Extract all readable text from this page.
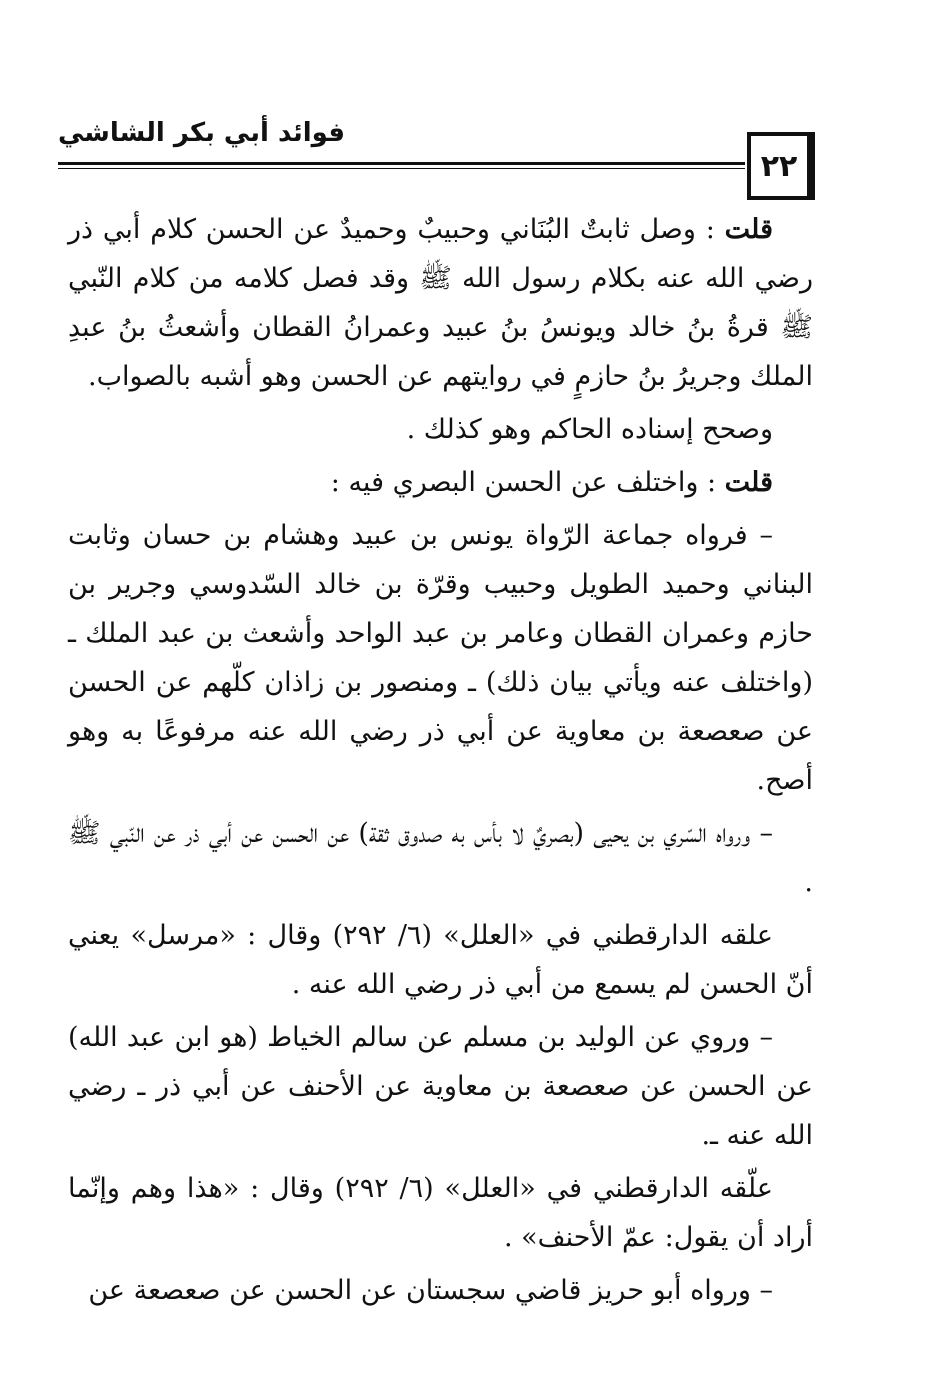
٢٢
فوائد أبي بكر الشاشي

قلت : وصل ثابتٌ البُنَاني وحبيبٌ وحميدٌ عن الحسن كلام أبي ذر رضي الله عنه بكلام رسول الله ﷺ وقد فصل كلامه من كلام النّبي ﷺ قرةُ بنُ خالد ويونسُ بنُ عبيد وعمرانُ القطان وأشعثُ بنُ عبدِ الملك وجريرُ بنُ حازمٍ في روايتهم عن الحسن وهو أشبه بالصواب.

وصحح إسناده الحاكم وهو كذلك .

قلت : واختلف عن الحسن البصري فيه :

– فرواه جماعة الرّواة يونس بن عبيد وهشام بن حسان وثابت البناني وحميد الطويل وحبيب وقرّة بن خالد السّدوسي وجرير بن حازم وعمران القطان وعامر بن عبد الواحد وأشعث بن عبد الملك ـ (واختلف عنه ويأتي بيان ذلك) ـ ومنصور بن زاذان كلّهم عن الحسن عن صعصعة بن معاوية عن أبي ذر رضي الله عنه مرفوعًا به وهو أصح.

– ورواه السّري بن يحيى (بصريٌ لا بأس به صدوق ثقة) عن الحسن عن أبي ذر عن النّبي ﷺ .

علقه الدارقطني في «العلل» (٦/ ٢٩٢) وقال : «مرسل» يعني أنّ الحسن لم يسمع من أبي ذر رضي الله عنه .

– وروي عن الوليد بن مسلم عن سالم الخياط (هو ابن عبد الله) عن الحسن عن صعصعة بن معاوية عن الأحنف عن أبي ذر ـ رضي الله عنه ـ.

علّقه الدارقطني في «العلل» (٦/ ٢٩٢) وقال : «هذا وهم وإنّما أراد أن يقول: عمّ الأحنف» .

– ورواه أبو حريز قاضي سجستان عن الحسن عن صعصعة عن
